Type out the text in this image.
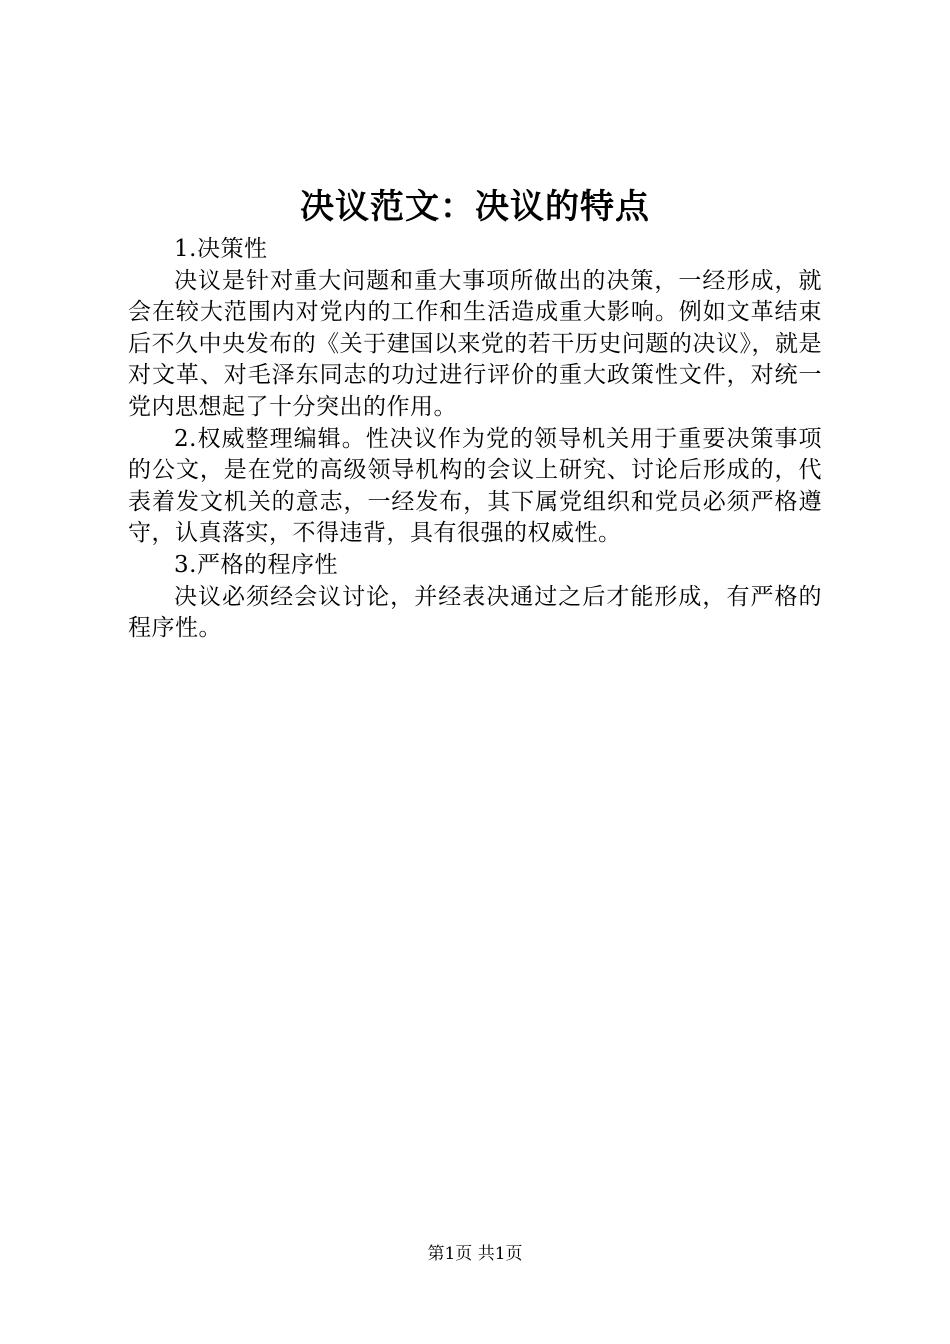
决议范文：决议的特点

1.决策性

决议是针对重大问题和重大事项所做出的决策，一经形成，就会在较大范围内对党内的工作和生活造成重大影响。例如文革结束后不久中央发布的《关于建国以来党的若干历史问题的决议》，就是对文革、对毛泽东同志的功过进行评价的重大政策性文件，对统一党内思想起了十分突出的作用。

2.权威整理编辑。性决议作为党的领导机关用于重要决策事项的公文，是在党的高级领导机构的会议上研究、讨论后形成的，代表着发文机关的意志，一经发布，其下属党组织和党员必须严格遵守，认真落实，不得违背，具有很强的权威性。

3.严格的程序性

决议必须经会议讨论，并经表决通过之后才能形成，有严格的程序性。

第1页 共1页
